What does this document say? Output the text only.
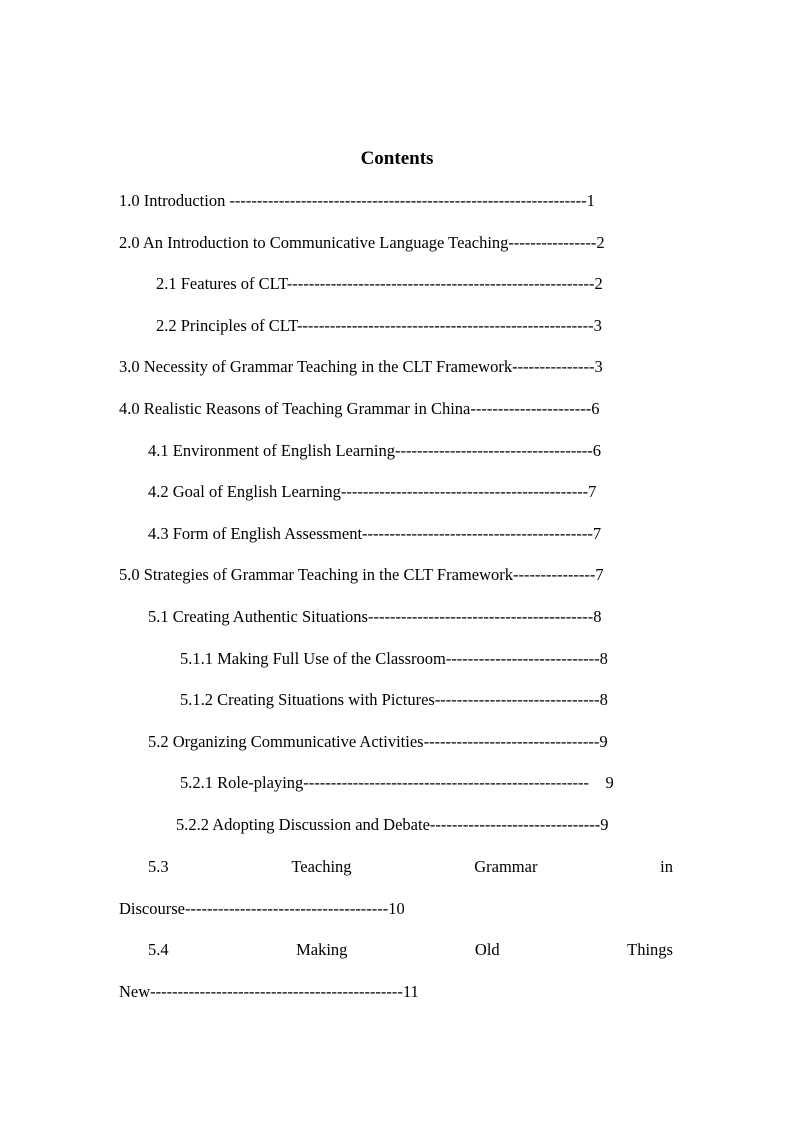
Contents
1.0 Introduction -----------------------------------------------------------------1
2.0 An Introduction to Communicative Language Teaching----------------2
2.1 Features of CLT--------------------------------------------------------2
2.2 Principles of CLT------------------------------------------------------3
3.0 Necessity of Grammar Teaching in the CLT Framework---------------3
4.0 Realistic Reasons of Teaching Grammar in China----------------------6
4.1 Environment of English Learning------------------------------------6
4.2 Goal of English Learning---------------------------------------------7
4.3 Form of English Assessment------------------------------------------7
5.0 Strategies of Grammar Teaching in the CLT Framework---------------7
5.1 Creating Authentic Situations-----------------------------------------8
5.1.1 Making Full Use of the Classroom----------------------------8
5.1.2 Creating Situations with Pictures------------------------------8
5.2 Organizing Communicative Activities--------------------------------9
5.2.1 Role-playing----------------------------------------------------    9
5.2.2 Adopting Discussion and Debate-------------------------------9
5.3	Teaching	Grammar	in
Discourse-------------------------------------10
5.4	Making	Old	Things
New----------------------------------------------11
